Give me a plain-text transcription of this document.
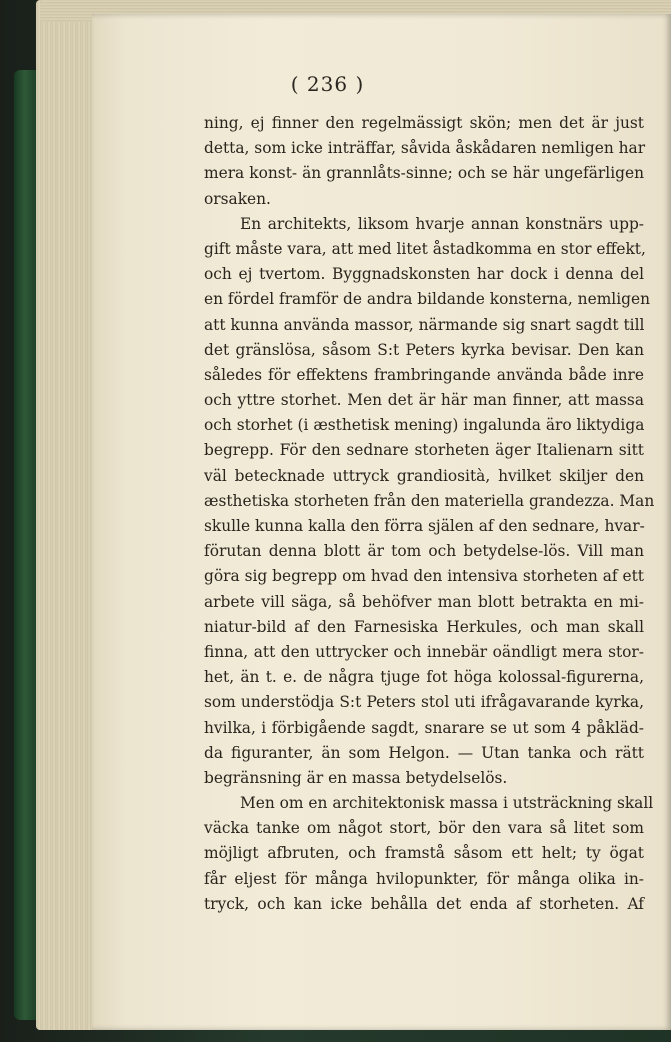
( 236 )
ning, ej finner den regelmässigt skön; men det är just
detta, som icke inträffar, såvida åskådaren nemligen har
mera konst- än grannlåts-sinne; och se här ungefärligen
orsaken.
En architekts, liksom hvarje annan konstnärs upp-
gift måste vara, att med litet åstadkomma en stor effekt,
och ej tvertom. Byggnadskonsten har dock i denna del
en fördel framför de andra bildande konsterna, nemligen
att kunna använda massor, närmande sig snart sagdt till
det gränslösa, såsom S:t Peters kyrka bevisar. Den kan
således för effektens frambringande använda både inre
och yttre storhet. Men det är här man finner, att massa
och storhet (i æsthetisk mening) ingalunda äro liktydiga
begrepp. För den sednare storheten äger Italienarn sitt
väl betecknade uttryck grandiosità, hvilket skiljer den
æsthetiska storheten från den materiella grandezza. Man
skulle kunna kalla den förra själen af den sednare, hvar-
förutan denna blott är tom och betydelse-lös. Vill man
göra sig begrepp om hvad den intensiva storheten af ett
arbete vill säga, så behöfver man blott betrakta en mi-
niatur-bild af den Farnesiska Herkules, och man skall
finna, att den uttrycker och innebär oändligt mera stor-
het, än t. e. de några tjuge fot höga kolossal-figurerna,
som understödja S:t Peters stol uti ifrågavarande kyrka,
hvilka, i förbigående sagdt, snarare se ut som 4 påkläd-
da figuranter, än som Helgon. — Utan tanka och rätt
begränsning är en massa betydelselös.
Men om en architektonisk massa i utsträckning skall
väcka tanke om något stort, bör den vara så litet som
möjligt afbruten, och framstå såsom ett helt; ty ögat
får eljest för många hvilopunkter, för många olika in-
tryck, och kan icke behålla det enda af storheten. Af
